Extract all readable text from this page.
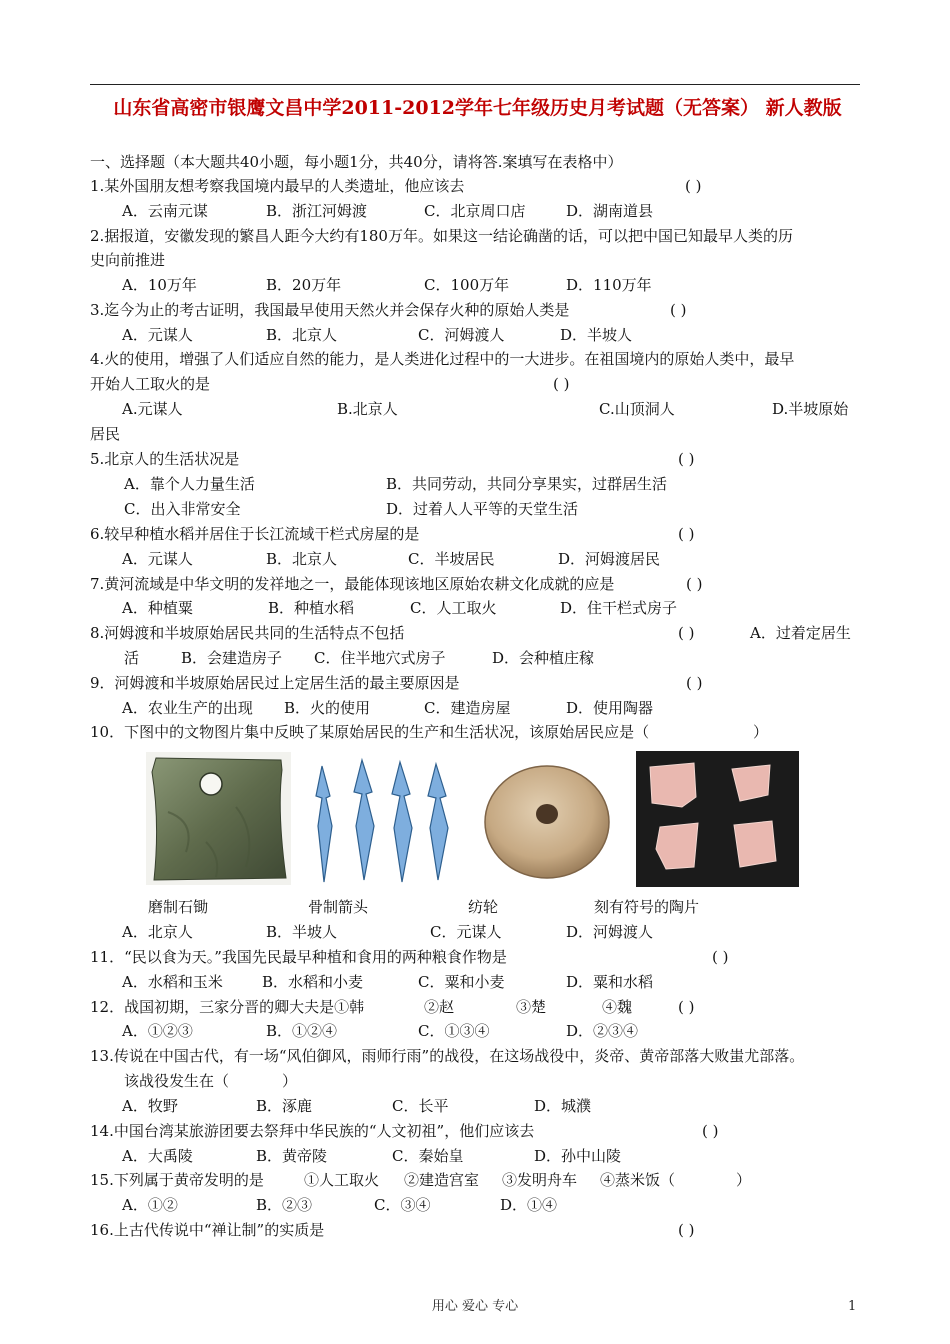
山东省高密市银鹰文昌中学2011-2012学年七年级历史月考试题（无答案） 新人教版
一、选择题（本大题共40小题，每小题1分，共40分，请将答.案填写在表格中）
1.某外国朋友想考察我国境内最早的人类遗址，他应该去	( )
A．云南元谋	B．浙江河姆渡	C．北京周口店	D．湖南道县
2.据报道，安徽发现的繁昌人距今大约有180万年。如果这一结论确凿的话，可以把中国已知最早人类的历
史向前推进
A．10万年	B．20万年	C．100万年	D．110万年
3.迄今为止的考古证明，我国最早使用天然火并会保存火种的原始人类是	( )
A．元谋人	B．北京人	C．河姆渡人	D．半坡人
4.火的使用，增强了人们适应自然的能力，是人类进化过程中的一大进步。在祖国境内的原始人类中，最早
开始人工取火的是	( )
A.元谋人	B.北京人	C.山顶洞人	D.半坡原始
居民
5.北京人的生活状况是	( )
A．靠个人力量生活	B．共同劳动，共同分享果实，过群居生活
C．出入非常安全	D．过着人人平等的天堂生活
6.较早种植水稻并居住于长江流域干栏式房屋的是	( )
A．元谋人	B．北京人	C．半坡居民	D．河姆渡居民
7.黄河流域是中华文明的发祥地之一，最能体现该地区原始农耕文化成就的应是	( )
A．种植粟	B．种植水稻	C．人工取火	D．住干栏式房子
8.河姆渡和半坡原始居民共同的生活特点不包括	( )	A．过着定居生
活	B．会建造房子 C．住半地穴式房子	D．会种植庄稼
9．河姆渡和半坡原始居民过上定居生活的最主要原因是	( )
A．农业生产的出现 B．火的使用	C．建造房屋	D．使用陶器
10．下图中的文物图片集中反映了某原始居民的生产和生活状况，该原始居民应是（	）
磨制石锄	骨制箭头	纺轮	刻有符号的陶片
A．北京人	B．半坡人	C．元谋人	D．河姆渡人
11．“民以食为天。”我国先民最早种植和食用的两种粮食作物是	( )
A．水稻和玉米	B．水稻和小麦	C．粟和小麦	D．粟和水稻
12．战国初期，三家分晋的卿大夫是①韩	②赵	③楚	④魏	( )
A．①②③	B．①②④	C．①③④	D．②③④
13.传说在中国古代，有一场“风伯御风，雨师行雨”的战役，在这场战役中，炎帝、黄帝部落大败蚩尤部落。
该战役发生在（	）
A．牧野	B．涿鹿	C．长平	D．城濮
14.中国台湾某旅游团要去祭拜中华民族的“人文初祖”，他们应该去	( )
A．大禹陵	B．黄帝陵	C．秦始皇	D．孙中山陵
15.下列属于黄帝发明的是	①人工取火 ②建造宫室 ③发明舟车 ④蒸米饭（	）
A．①②	B．②③	C．③④	D．①④
16.上古代传说中“禅让制”的实质是	( )
用心 爱心 专心	1
